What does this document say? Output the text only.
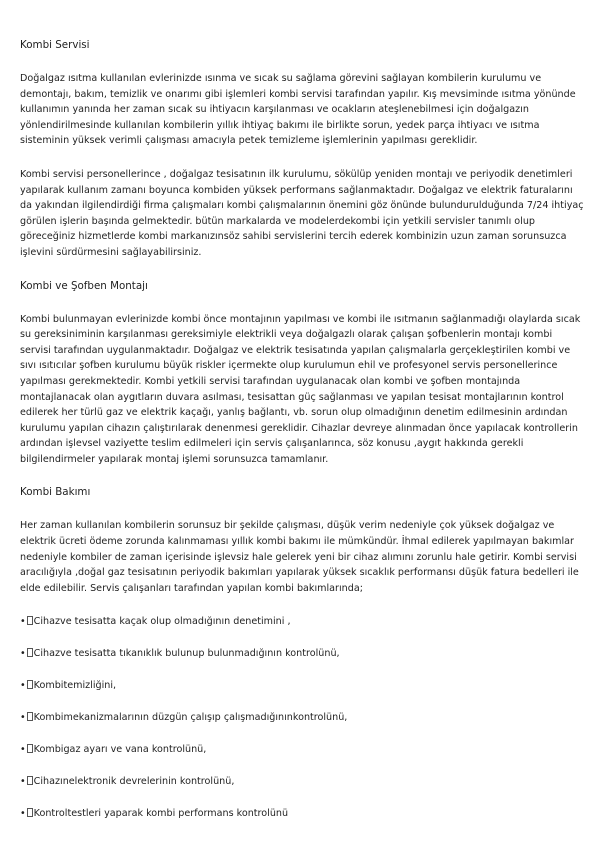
Kombi Servisi

Doğalgaz ısıtma kullanılan evlerinizde ısınma ve sıcak su sağlama görevini sağlayan kombilerin kurulumu ve demontajı, bakım, temizlik ve onarımı gibi işlemleri kombi servisi tarafından yapılır. Kış mevsiminde ısıtma yönünde kullanımın yanında her zaman sıcak su ihtiyacın karşılanması ve ocakların ateşlenebilmesi için doğalgazın yönlendirilmesinde kullanılan kombilerin yıllık ihtiyaç bakımı ile birlikte sorun, yedek parça ihtiyacı ve ısıtma sisteminin yüksek verimli çalışması amacıyla petek temizleme işlemlerinin yapılması gereklidir.

Kombi servisi personellerince , doğalgaz tesisatının ilk kurulumu, sökülüp yeniden montajı ve periyodik denetimleri yapılarak kullanım zamanı boyunca kombiden yüksek performans sağlanmaktadır. Doğalgaz ve elektrik faturalarını da yakından ilgilendirdiği firma çalışmaları kombi çalışmalarının önemini göz önünde bulundurulduğunda 7/24 ihtiyaç görülen işlerin başında gelmektedir. bütün markalarda ve modelerdekombi için yetkili servisler tanımlı olup göreceğiniz hizmetlerde kombi markanızınsöz sahibi servislerini tercih ederek kombinizin uzun zaman sorunsuzca işlevini sürdürmesini sağlayabilirsiniz.

Kombi ve Şofben Montajı

Kombi bulunmayan evlerinizde kombi önce montajının yapılması ve kombi ile ısıtmanın sağlanmadığı olaylarda sıcak su gereksiniminin karşılanması gereksimiyle elektrikli veya doğalgazlı olarak çalışan şofbenlerin montajı kombi servisi tarafından uygulanmaktadır. Doğalgaz ve elektrik tesisatında yapılan çalışmalarla gerçekleştirilen kombi ve sıvı ısıtıcılar şofben kurulumu büyük riskler içermekte olup kurulumun ehil ve profesyonel servis personellerince yapılması gerekmektedir. Kombi yetkili servisi tarafından uygulanacak olan kombi ve şofben montajında montajlanacak olan aygıtların duvara asılması, tesisattan güç sağlanması ve yapılan tesisat montajlarının kontrol edilerek her türlü gaz ve elektrik kaçağı, yanlış bağlantı, vb. sorun olup olmadığının denetim edilmesinin ardından kurulumu yapılan cihazın çalıştırılarak denenmesi gereklidir. Cihazlar devreye alınmadan önce yapılacak kontrollerin ardından işlevsel vaziyette teslim edilmeleri için servis çalışanlarınca, söz konusu ,aygıt hakkında gerekli bilgilendirmeler yapılarak montaj işlemi sorunsuzca tamamlanır.

Kombi Bakımı

Her zaman kullanılan kombilerin sorunsuz bir şekilde çalışması, düşük verim nedeniyle çok yüksek doğalgaz ve elektrik ücreti ödeme zorunda kalınmaması yıllık kombi bakımı ile mümkündür. İhmal edilerek yapılmayan bakımlar nedeniyle kombiler de zaman içerisinde işlevsiz hale gelerek yeni bir cihaz alımını zorunlu hale getirir. Kombi servisi aracılığıyla ,doğal gaz tesisatının periyodik bakımları yapılarak yüksek sıcaklık performansı düşük fatura bedelleri ile elde edilebilir. Servis çalışanları tarafından yapılan kombi bakımlarında;

• Cihazve tesisatta kaçak olup olmadığının denetimini ,
• Cihazve tesisatta tıkanıklık bulunup bulunmadığının kontrolünü,
• Kombitemizliğini,
• Kombimekanizmalarının düzgün çalışıp çalışmadığınınkontrolünü,
• Kombigaz ayarı ve vana kontrolünü,
• Cihazınelektronik devrelerinin kontrolünü,
• Kontroltestleri yaparak kombi performans kontrolünü
